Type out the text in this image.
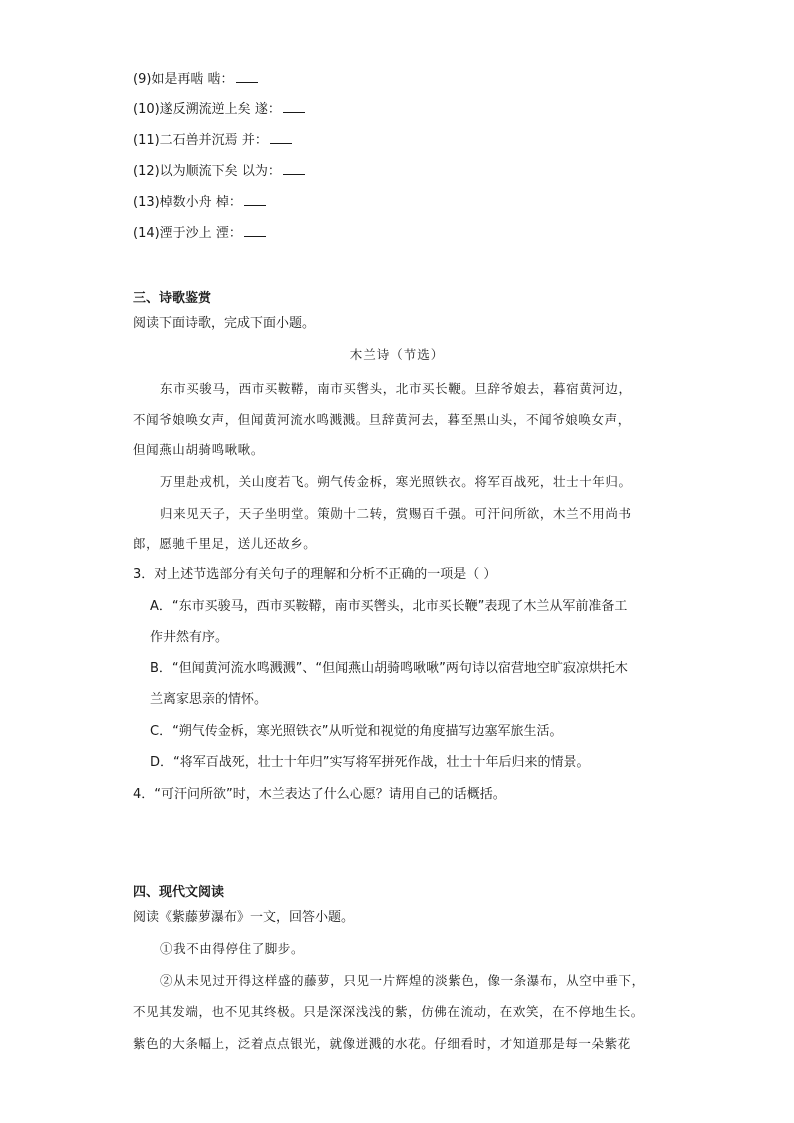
(9)如是再啮 啮：
(10)遂反溯流逆上矣 遂：
(11)二石兽并沉焉 并：
(12)以为顺流下矣 以为：
(13)棹数小舟 棹：
(14)湮于沙上 湮：
三、诗歌鉴赏
阅读下面诗歌，完成下面小题。
木兰诗（节选）
东市买骏马，西市买鞍鞯，南市买辔头，北市买长鞭。旦辞爷娘去，暮宿黄河边，
不闻爷娘唤女声，但闻黄河流水鸣溅溅。旦辞黄河去，暮至黑山头，不闻爷娘唤女声，
但闻燕山胡骑鸣啾啾。
万里赴戎机，关山度若飞。朔气传金柝，寒光照铁衣。将军百战死，壮士十年归。
归来见天子，天子坐明堂。策勋十二转，赏赐百千强。可汗问所欲，木兰不用尚书
郎，愿驰千里足，送儿还故乡。
3．对上述节选部分有关句子的理解和分析不正确的一项是（ ）
A．“东市买骏马，西市买鞍鞯，南市买辔头，北市买长鞭”表现了木兰从军前准备工
作井然有序。
B．“但闻黄河流水鸣溅溅”、“但闻燕山胡骑鸣啾啾”两句诗以宿营地空旷寂凉烘托木
兰离家思亲的情怀。
C．“朔气传金柝，寒光照铁衣”从听觉和视觉的角度描写边塞军旅生活。
D．“将军百战死，壮士十年归”实写将军拼死作战，壮士十年后归来的情景。
4．“可汗问所欲”时，木兰表达了什么心愿？请用自己的话概括。
四、现代文阅读
阅读《紫藤萝瀑布》一文，回答小题。
①我不由得停住了脚步。
②从未见过开得这样盛的藤萝，只见一片辉煌的淡紫色，像一条瀑布，从空中垂下，
不见其发端，也不见其终极。只是深深浅浅的紫，仿佛在流动，在欢笑，在不停地生长。
紫色的大条幅上，泛着点点银光，就像迸溅的水花。仔细看时，才知道那是每一朵紫花
